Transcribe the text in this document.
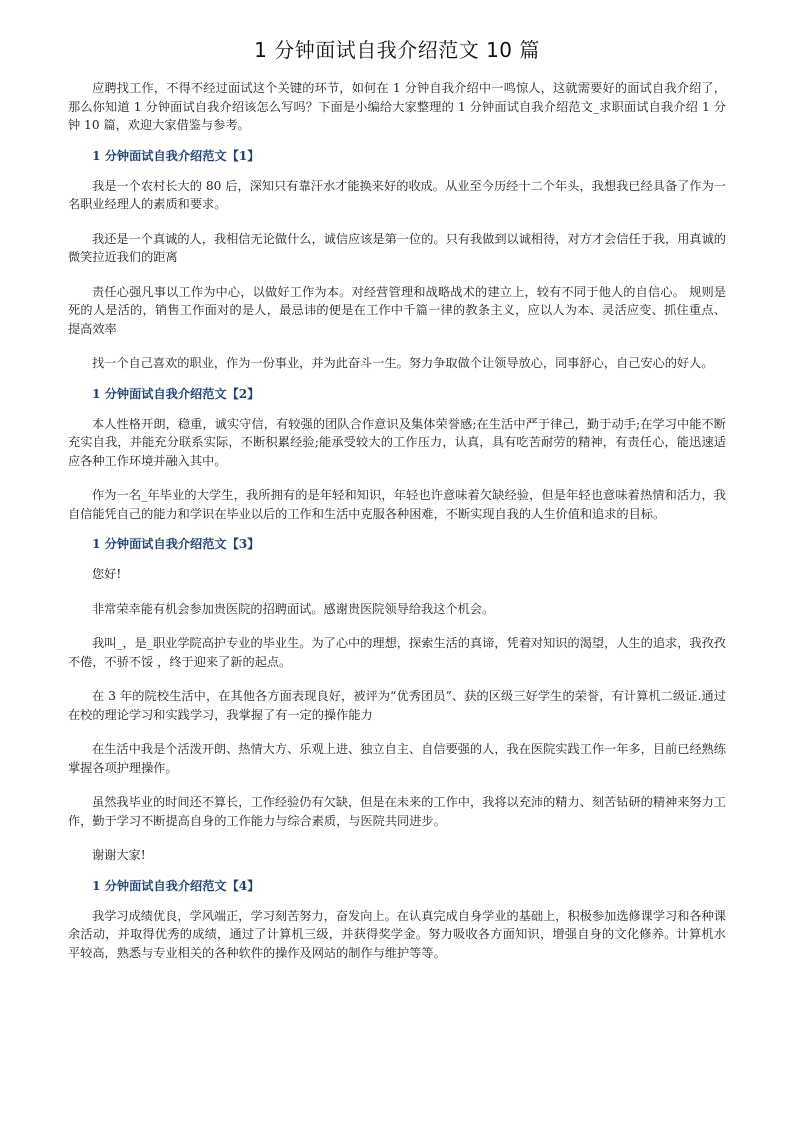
1 分钟面试自我介绍范文 10 篇

应聘找工作，不得不经过面试这个关键的环节，如何在 1 分钟自我介绍中一鸣惊人，这就需要好的面试自我介绍了，那么你知道 1 分钟面试自我介绍该怎么写吗？下面是小编给大家整理的 1 分钟面试自我介绍范文_求职面试自我介绍 1 分钟 10 篇，欢迎大家借鉴与参考。

1 分钟面试自我介绍范文【1】

我是一个农村长大的 80 后，深知只有靠汗水才能换来好的收成。从业至今历经十二个年头，我想我已经具备了作为一名职业经理人的素质和要求。

我还是一个真诚的人，我相信无论做什么，诚信应该是第一位的。只有我做到以诚相待，对方才会信任于我，用真诚的微笑拉近我们的距离

责任心强凡事以工作为中心，以做好工作为本。对经营管理和战略战术的建立上，较有不同于他人的自信心。 规则是死的人是活的，销售工作面对的是人，最忌讳的便是在工作中千篇一律的教条主义，应以人为本、灵活应变、抓住重点、提高效率

找一个自己喜欢的职业，作为一份事业，并为此奋斗一生。努力争取做个让领导放心，同事舒心，自己安心的好人。

1 分钟面试自我介绍范文【2】

本人性格开朗，稳重，诚实守信，有较强的团队合作意识及集体荣誉感;在生活中严于律己，勤于动手;在学习中能不断充实自我，并能充分联系实际，不断积累经验;能承受较大的工作压力，认真，具有吃苦耐劳的精神，有责任心，能迅速适应各种工作环境并融入其中。

作为一名_年毕业的大学生，我所拥有的是年轻和知识，年轻也许意味着欠缺经验，但是年轻也意味着热情和活力，我自信能凭自己的能力和学识在毕业以后的工作和生活中克服各种困难，不断实现自我的人生价值和追求的目标。

1 分钟面试自我介绍范文【3】

您好!

非常荣幸能有机会参加贵医院的招聘面试。感谢贵医院领导给我这个机会。

我叫_，是_职业学院高护专业的毕业生。为了心中的理想，探索生活的真谛，凭着对知识的渴望，人生的追求，我孜孜不倦，不骄不馁 ，终于迎来了新的起点。

在 3 年的院校生活中，在其他各方面表现良好，被评为“优秀团员”、获的区级三好学生的荣誉，有计算机二级证.通过在校的理论学习和实践学习，我掌握了有一定的操作能力

在生活中我是个活泼开朗、热情大方、乐观上进、独立自主、自信要强的人，我在医院实践工作一年多，目前已经熟练掌握各项护理操作。

虽然我毕业的时间还不算长，工作经验仍有欠缺，但是在未来的工作中，我将以充沛的精力、刻苦钻研的精神来努力工作，勤于学习不断提高自身的工作能力与综合素质，与医院共同进步。

谢谢大家!

1 分钟面试自我介绍范文【4】

我学习成绩优良，学风端正，学习刻苦努力，奋发向上。在认真完成自身学业的基础上，积极参加选修课学习和各种课余活动，并取得优秀的成绩，通过了计算机三级，并获得奖学金。努力吸收各方面知识，增强自身的文化修养。计算机水平较高，熟悉与专业相关的各种软件的操作及网站的制作与维护等等。
